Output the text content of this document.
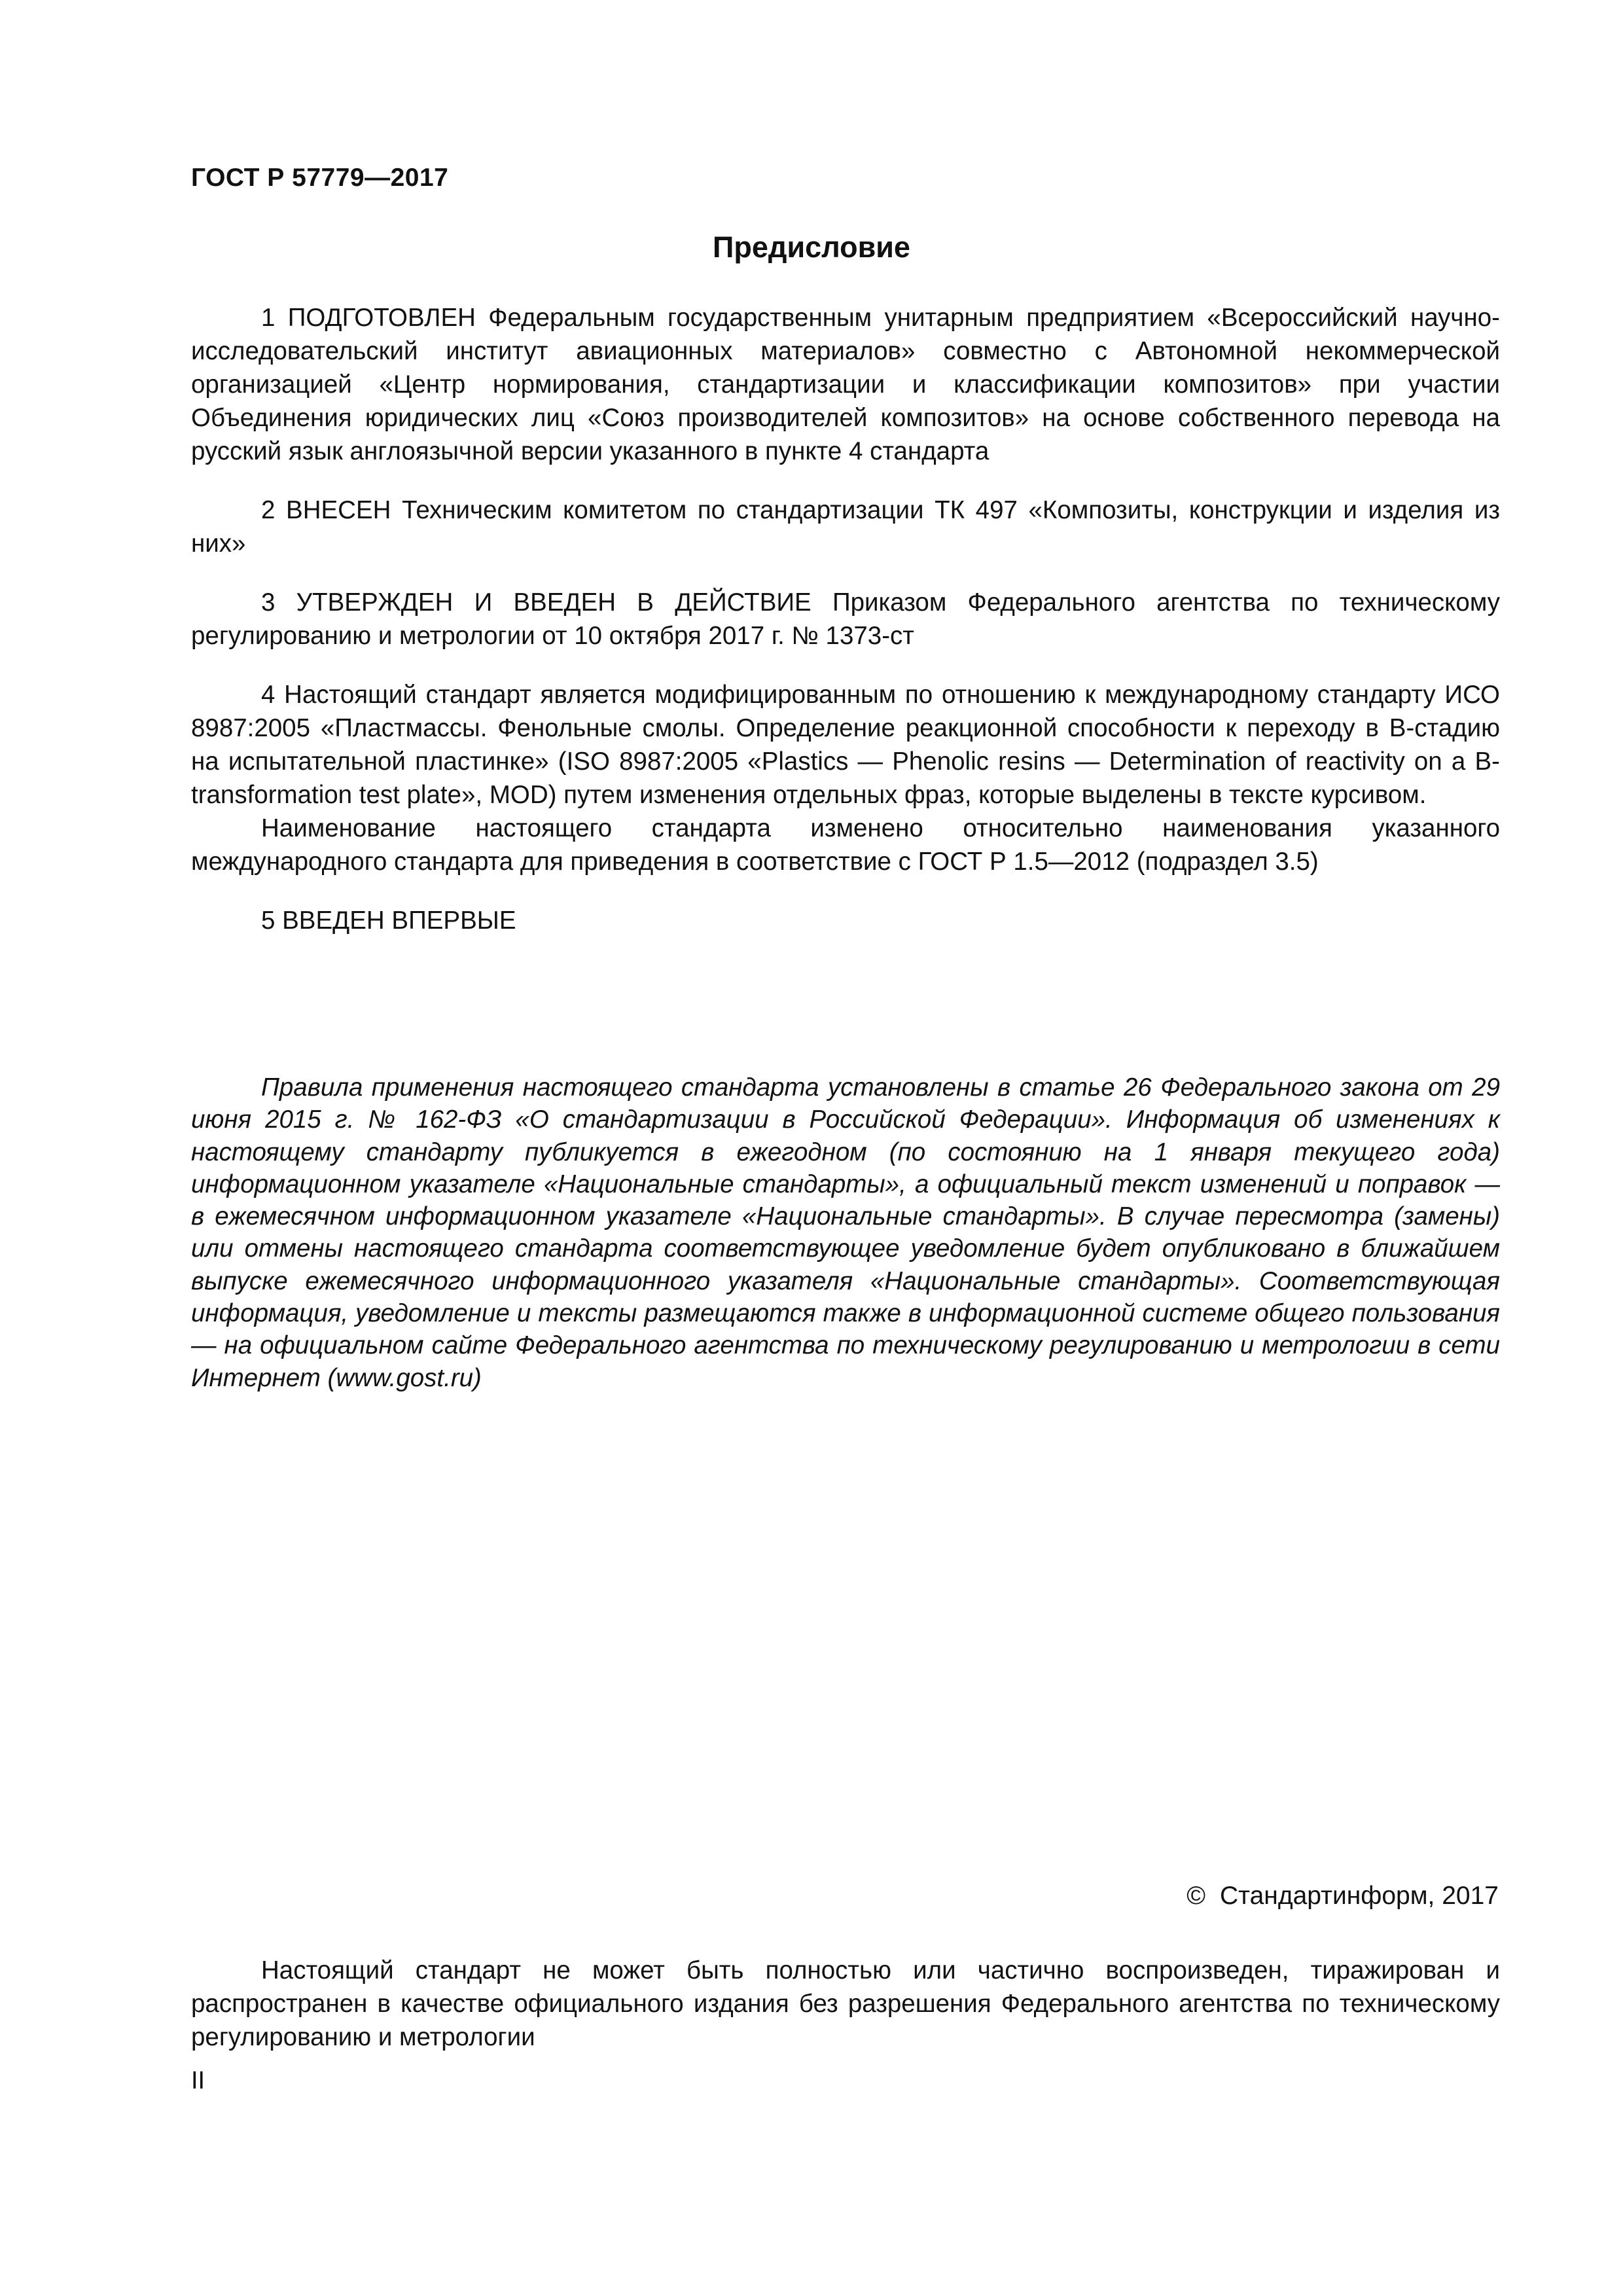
ГОСТ Р 57779—2017
Предисловие

1 ПОДГОТОВЛЕН Федеральным государственным унитарным предприятием «Всероссийский научно-исследовательский институт авиационных материалов» совместно с Автономной некоммерческой организацией «Центр нормирования, стандартизации и классификации композитов» при участии Объединения юридических лиц «Союз производителей композитов» на основе собственного перевода на русский язык англоязычной версии указанного в пункте 4 стандарта

2 ВНЕСЕН Техническим комитетом по стандартизации ТК 497 «Композиты, конструкции и изделия из них»

3 УТВЕРЖДЕН И ВВЕДЕН В ДЕЙСТВИЕ Приказом Федерального агентства по техническому регулированию и метрологии от 10 октября 2017 г. № 1373-ст

4 Настоящий стандарт является модифицированным по отношению к международному стандарту ИСО 8987:2005 «Пластмассы. Фенольные смолы. Определение реакционной способности к переходу в В-стадию на испытательной пластинке» (ISO 8987:2005 «Plastics — Phenolic resins — Determination of reactivity on a B-transformation test plate», MOD) путем изменения отдельных фраз, которые выделены в тексте курсивом.

Наименование настоящего стандарта изменено относительно наименования указанного международного стандарта для приведения в соответствие с ГОСТ Р 1.5—2012 (подраздел 3.5)

5 ВВЕДЕН ВПЕРВЫЕ

Правила применения настоящего стандарта установлены в статье 26 Федерального закона от 29 июня 2015 г. № 162-ФЗ «О стандартизации в Российской Федерации». Информация об изменениях к настоящему стандарту публикуется в ежегодном (по состоянию на 1 января текущего года) информационном указателе «Национальные стандарты», а официальный текст изменений и поправок — в ежемесячном информационном указателе «Национальные стандарты». В случае пересмотра (замены) или отмены настоящего стандарта соответствующее уведомление будет опубликовано в ближайшем выпуске ежемесячного информационного указателя «Национальные стандарты». Соответствующая информация, уведомление и тексты размещаются также в информационной системе общего пользования — на официальном сайте Федерального агентства по техническому регулированию и метрологии в сети Интернет (www.gost.ru)

© Стандартинформ, 2017

Настоящий стандарт не может быть полностью или частично воспроизведен, тиражирован и распространен в качестве официального издания без разрешения Федерального агентства по техническому регулированию и метрологии

II
